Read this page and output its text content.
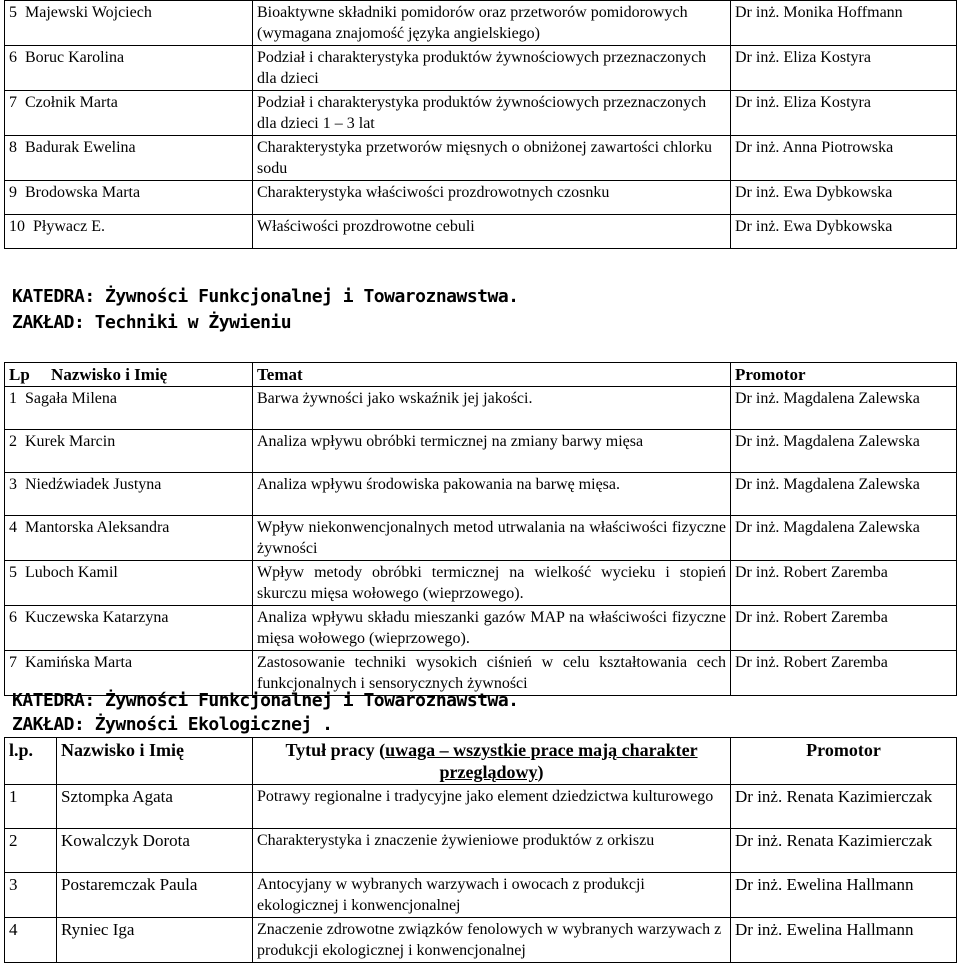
5 Majewski Wojciech	Bioaktywne składniki pomidorów oraz przetworów pomidorowych (wymagana znajomość języka angielskiego)	Dr inż. Monika Hoffmann
6 Boruc Karolina	Podział i charakterystyka produktów żywnościowych przeznaczonych dla dzieci	Dr inż. Eliza Kostyra
7 Czołnik Marta	Podział i charakterystyka produktów żywnościowych przeznaczonych dla dzieci 1 – 3 lat	Dr inż. Eliza Kostyra
8 Badurak Ewelina	Charakterystyka przetworów mięsnych o obniżonej zawartości chlorku sodu	Dr inż. Anna Piotrowska
9 Brodowska Marta	Charakterystyka właściwości prozdrowotnych czosnku	Dr inż. Ewa Dybkowska
10 Pływacz E.	Właściwości prozdrowotne cebuli	Dr inż. Ewa Dybkowska
KATEDRA: Żywności Funkcjonalnej i Towaroznawstwa.
ZAKŁAD: Techniki w Żywieniu
Lp Nazwisko i Imię	Temat	Promotor
1 Sagała Milena	Barwa żywności jako wskaźnik jej jakości.	Dr inż. Magdalena Zalewska
2 Kurek Marcin	Analiza wpływu obróbki termicznej na zmiany barwy mięsa	Dr inż. Magdalena Zalewska
3 Niedźwiadek Justyna	Analiza wpływu środowiska pakowania na barwę mięsa.	Dr inż. Magdalena Zalewska
4 Mantorska Aleksandra	Wpływ niekonwencjonalnych metod utrwalania na właściwości fizyczne żywności	Dr inż. Magdalena Zalewska
5 Luboch Kamil	Wpływ metody obróbki termicznej na wielkość wycieku i stopień skurczu mięsa wołowego (wieprzowego).	Dr inż. Robert Zaremba
6 Kuczewska Katarzyna	Analiza wpływu składu mieszanki gazów MAP na właściwości fizyczne mięsa wołowego (wieprzowego).	Dr inż. Robert Zaremba
7 Kamińska Marta	Zastosowanie techniki wysokich ciśnień w celu kształtowania cech funkcjonalnych i sensorycznych żywności	Dr inż. Robert Zaremba
KATEDRA: Żywności Funkcjonalnej i Towaroznawstwa.
ZAKŁAD: Żywności Ekologicznej .
l.p.	Nazwisko i Imię	Tytuł pracy (uwaga – wszystkie prace mają charakter przeglądowy)	Promotor
1	Sztompka Agata	Potrawy regionalne i tradycyjne jako element dziedzictwa kulturowego	Dr inż. Renata Kazimierczak
2	Kowalczyk Dorota	Charakterystyka i znaczenie żywieniowe produktów z orkiszu	Dr inż. Renata Kazimierczak
3	Postaremczak Paula	Antocyjany w wybranych warzywach i owocach z produkcji ekologicznej i konwencjonalnej	Dr inż. Ewelina Hallmann
4	Ryniec Iga	Znaczenie zdrowotne związków fenolowych w wybranych warzywach z produkcji ekologicznej i konwencjonalnej	Dr inż. Ewelina Hallmann
